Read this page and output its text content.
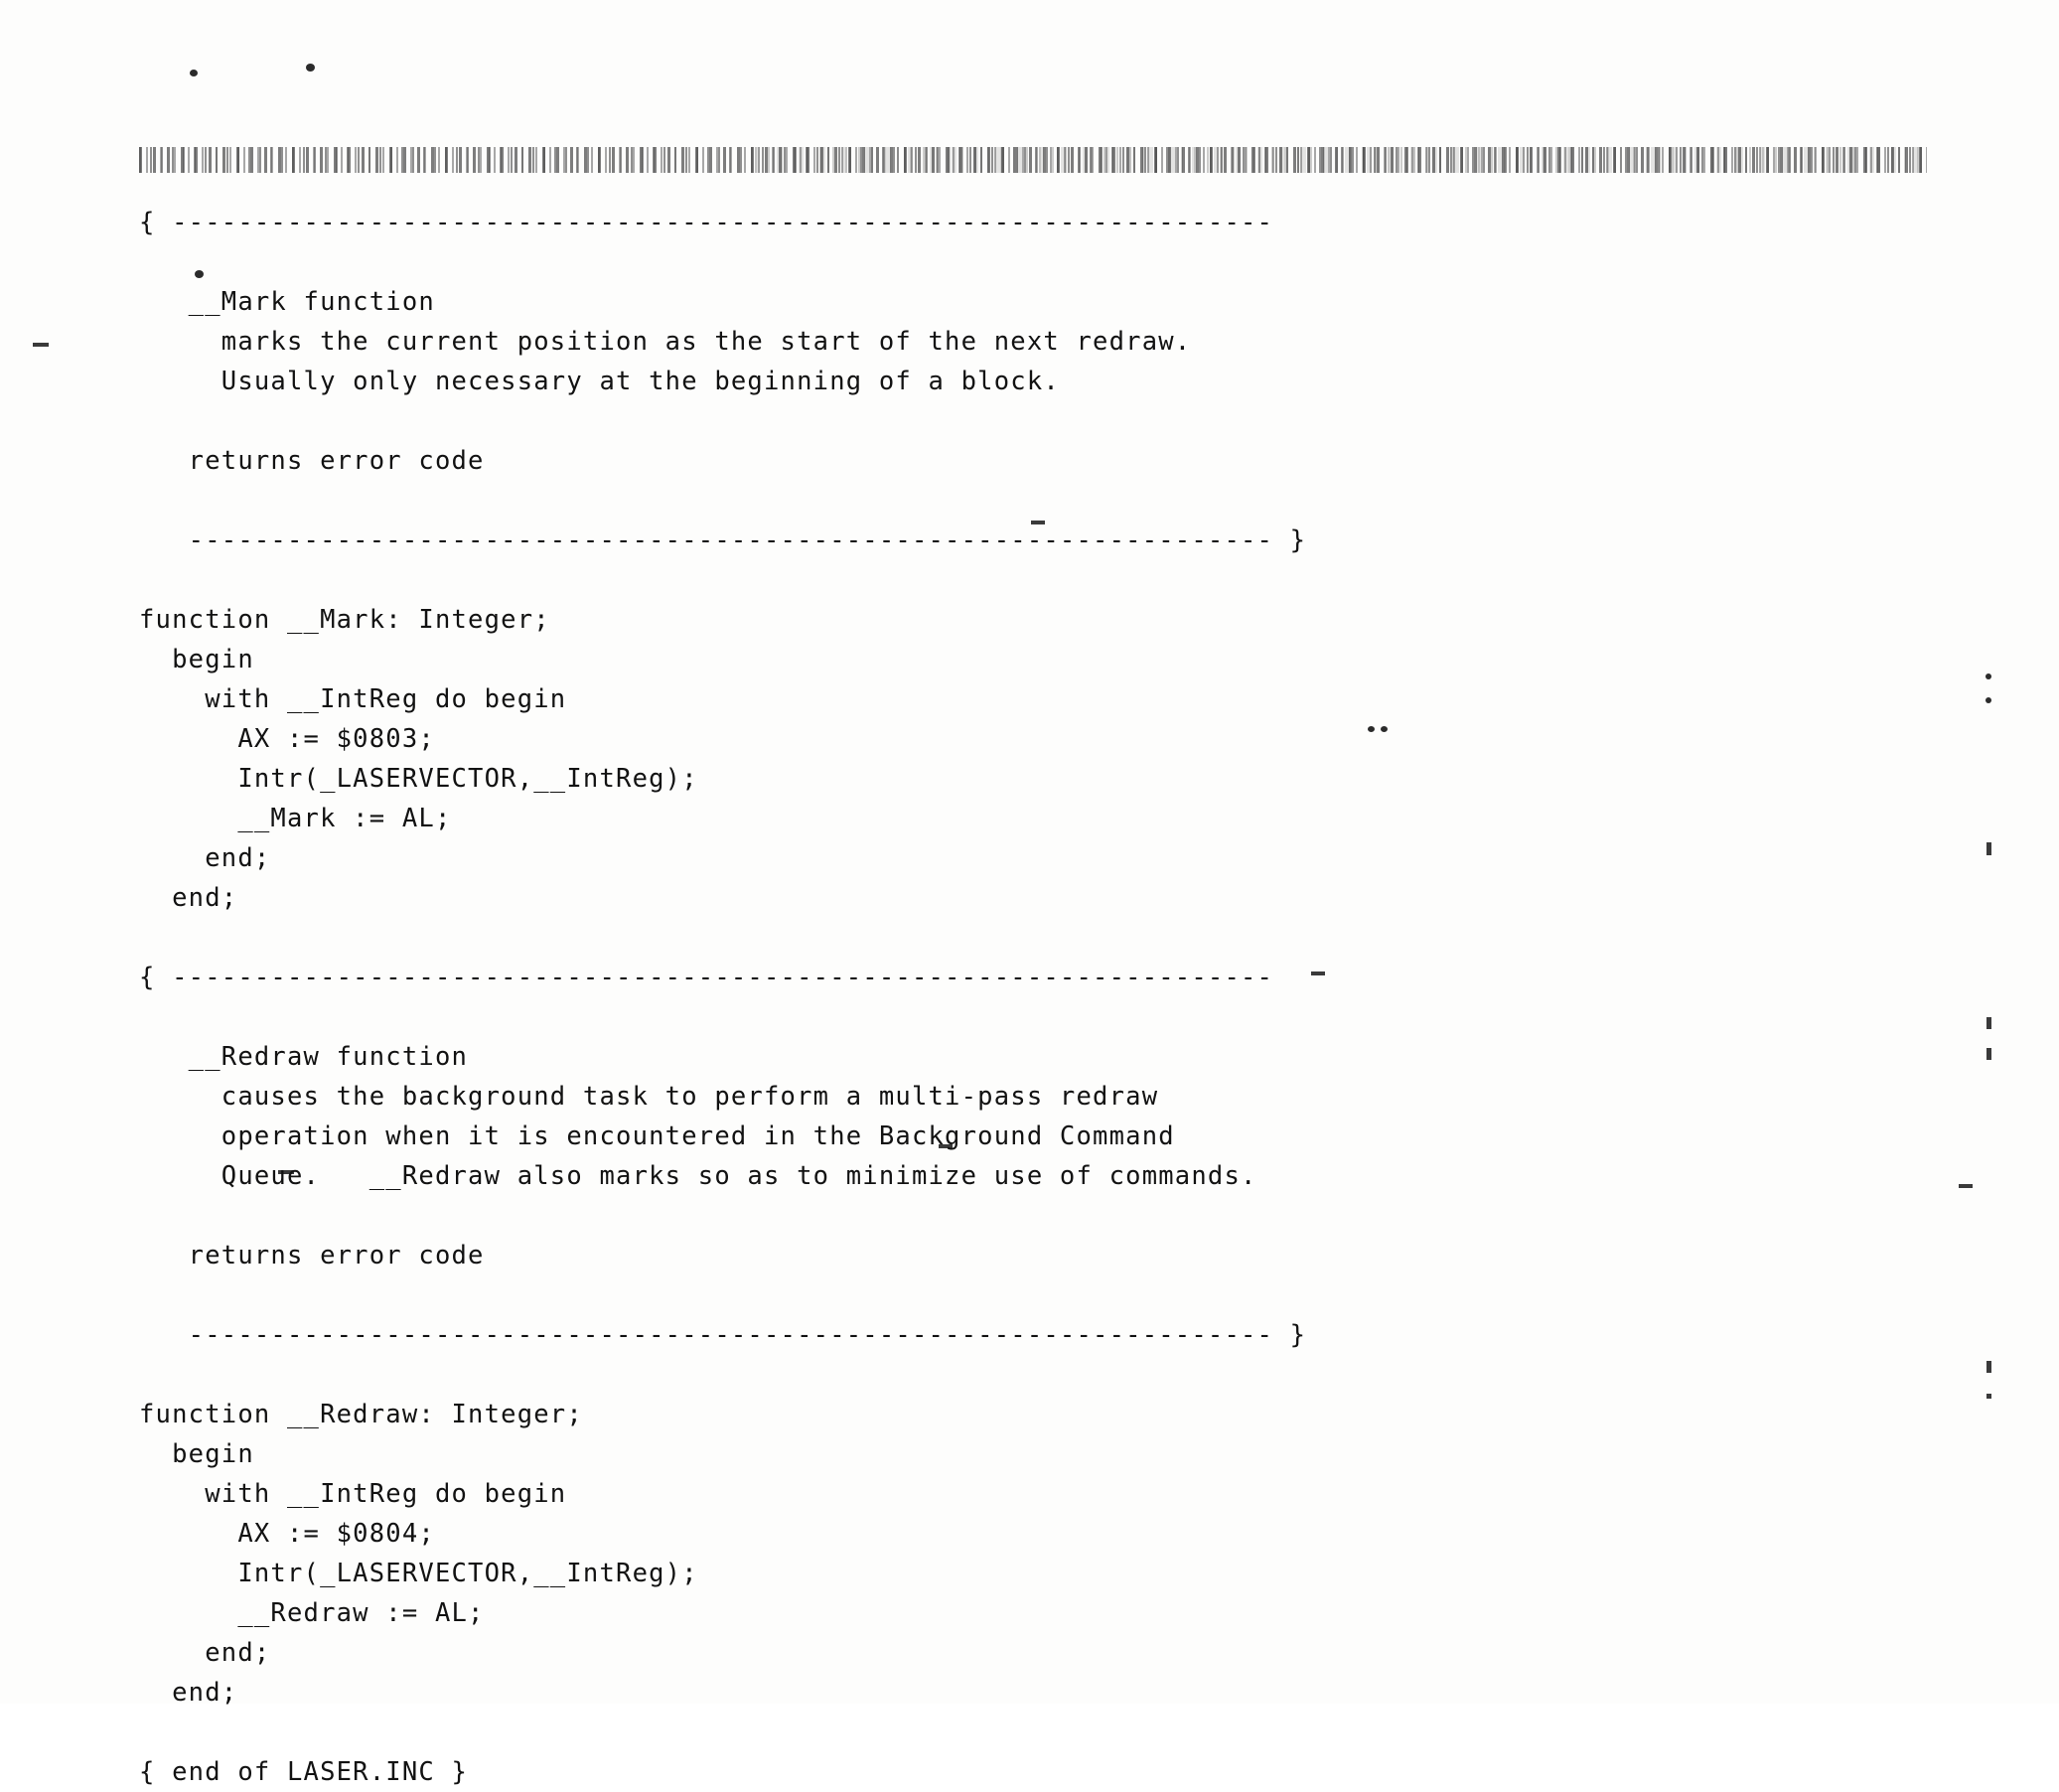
{ -------------------------------------------------------------------
__Mark function
marks the current position as the start of the next redraw.
Usually only necessary at the beginning of a block.
returns error code
------------------------------------------------------------------ }
function __Mark: Integer;
begin
with __IntReg do begin
AX := $0803;
Intr(_LASERVECTOR,__IntReg);
__Mark := AL;
end;
end;
{ -------------------------------------------------------------------
__Redraw function
causes the background task to perform a multi-pass redraw
operation when it is encountered in the Background Command
Queue.   __Redraw also marks so as to minimize use of commands.
returns error code
------------------------------------------------------------------ }
function __Redraw: Integer;
begin
with __IntReg do begin
AX := $0804;
Intr(_LASERVECTOR,__IntReg);
__Redraw := AL;
end;
end;
{ end of LASER.INC }
